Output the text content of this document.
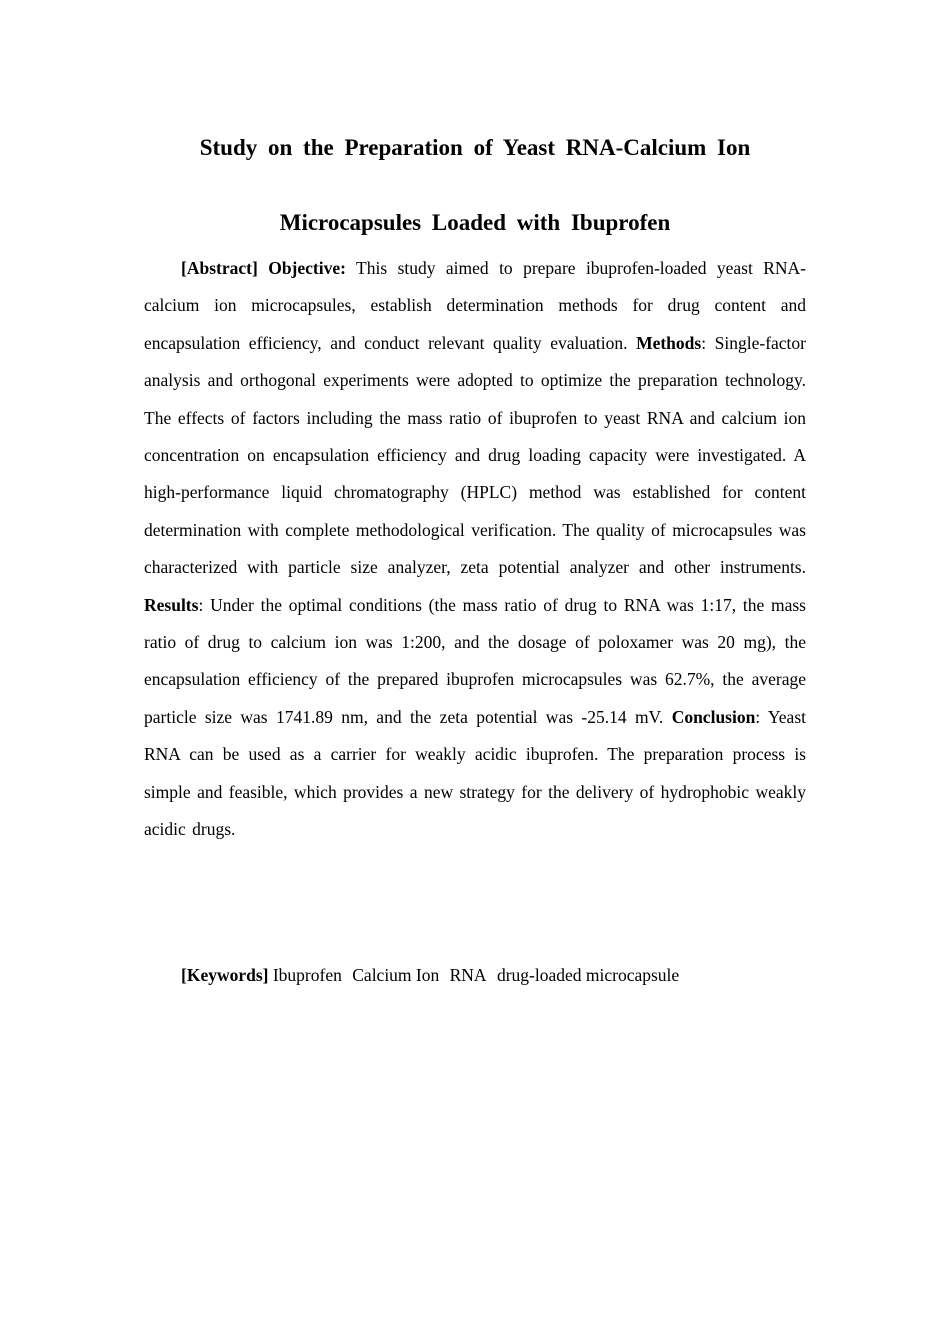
Study on the Preparation of Yeast RNA-Calcium Ion
Microcapsules Loaded with Ibuprofen

[Abstract] Objective: This study aimed to prepare ibuprofen-loaded yeast RNA-calcium ion microcapsules, establish determination methods for drug content and encapsulation efficiency, and conduct relevant quality evaluation. Methods: Single-factor analysis and orthogonal experiments were adopted to optimize the preparation technology. The effects of factors including the mass ratio of ibuprofen to yeast RNA and calcium ion concentration on encapsulation efficiency and drug loading capacity were investigated. A high-performance liquid chromatography (HPLC) method was established for content determination with complete methodological verification. The quality of microcapsules was characterized with particle size analyzer, zeta potential analyzer and other instruments. Results: Under the optimal conditions (the mass ratio of drug to RNA was 1:17, the mass ratio of drug to calcium ion was 1:200, and the dosage of poloxamer was 20 mg), the encapsulation efficiency of the prepared ibuprofen microcapsules was 62.7%, the average particle size was 1741.89 nm, and the zeta potential was -25.14 mV. Conclusion: Yeast RNA can be used as a carrier for weakly acidic ibuprofen. The preparation process is simple and feasible, which provides a new strategy for the delivery of hydrophobic weakly acidic drugs.

[Keywords] Ibuprofen Calcium Ion RNA drug-loaded microcapsule
